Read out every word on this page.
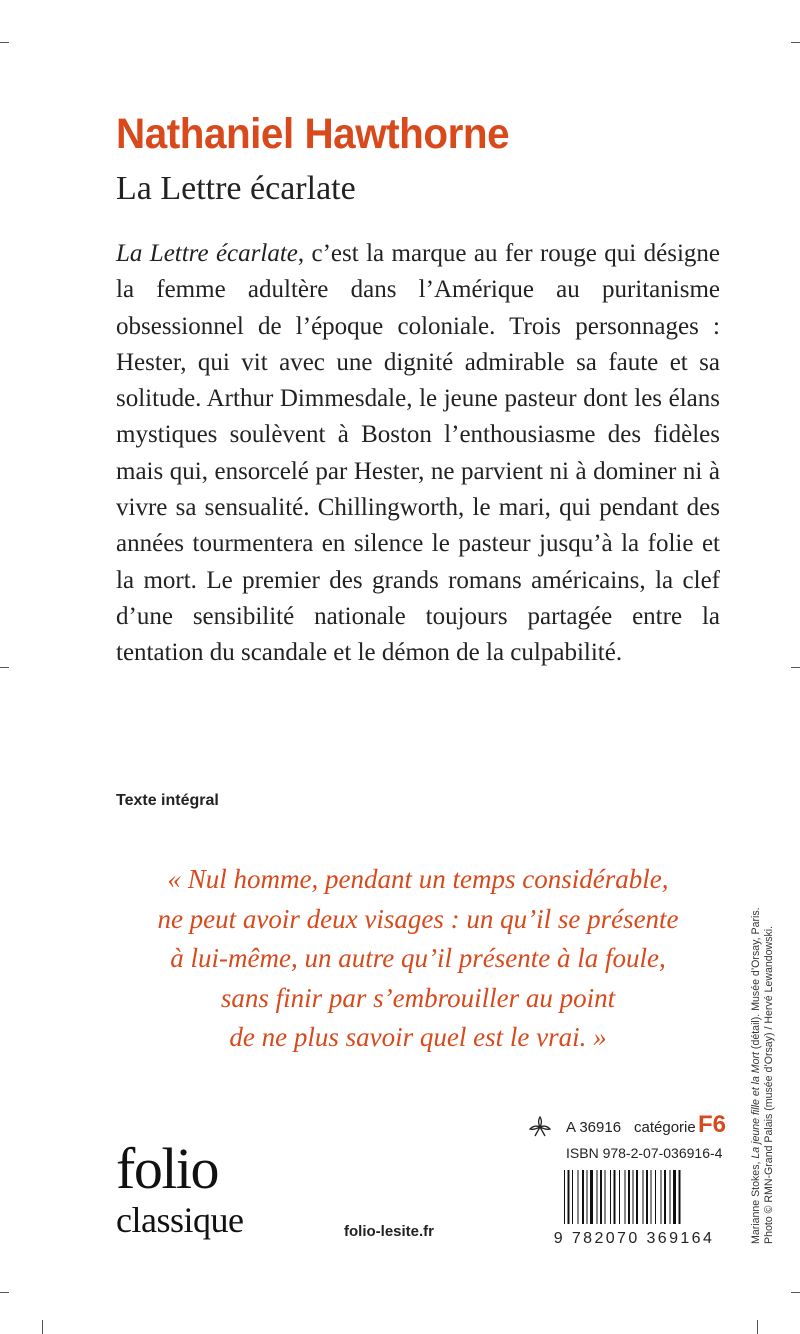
Nathaniel Hawthorne
La Lettre écarlate

La Lettre écarlate, c’est la marque au fer rouge qui désigne la femme adultère dans l’Amérique au puritanisme obsessionnel de l’époque coloniale. Trois personnages : Hester, qui vit avec une dignité admirable sa faute et sa solitude. Arthur Dimmesdale, le jeune pasteur dont les élans mystiques soulèvent à Boston l’enthousiasme des fidèles mais qui, ensorcelé par Hester, ne parvient ni à dominer ni à vivre sa sensualité. Chillingworth, le mari, qui pendant des années tourmentera en silence le pasteur jusqu’à la folie et la mort. Le premier des grands romans américains, la clef d’une sensibilité nationale toujours partagée entre la tentation du scandale et le démon de la culpabilité.

Texte intégral
« Nul homme, pendant un temps considérable,
ne peut avoir deux visages : un qu’il se présente
à lui-même, un autre qu’il présente à la foule,
sans finir par s’embrouiller au point
de ne plus savoir quel est le vrai. »
Marianne Stokes, La jeune fille et la Mort (détail). Musée d’Orsay, Paris. Photo © RMN-Grand Palais (musée d’Orsay) / Hervé Lewandowski.
A 36916 catégorie F6
ISBN 978-2-07-036916-4
9 782070 369164
folio
classique	folio-lesite.fr
